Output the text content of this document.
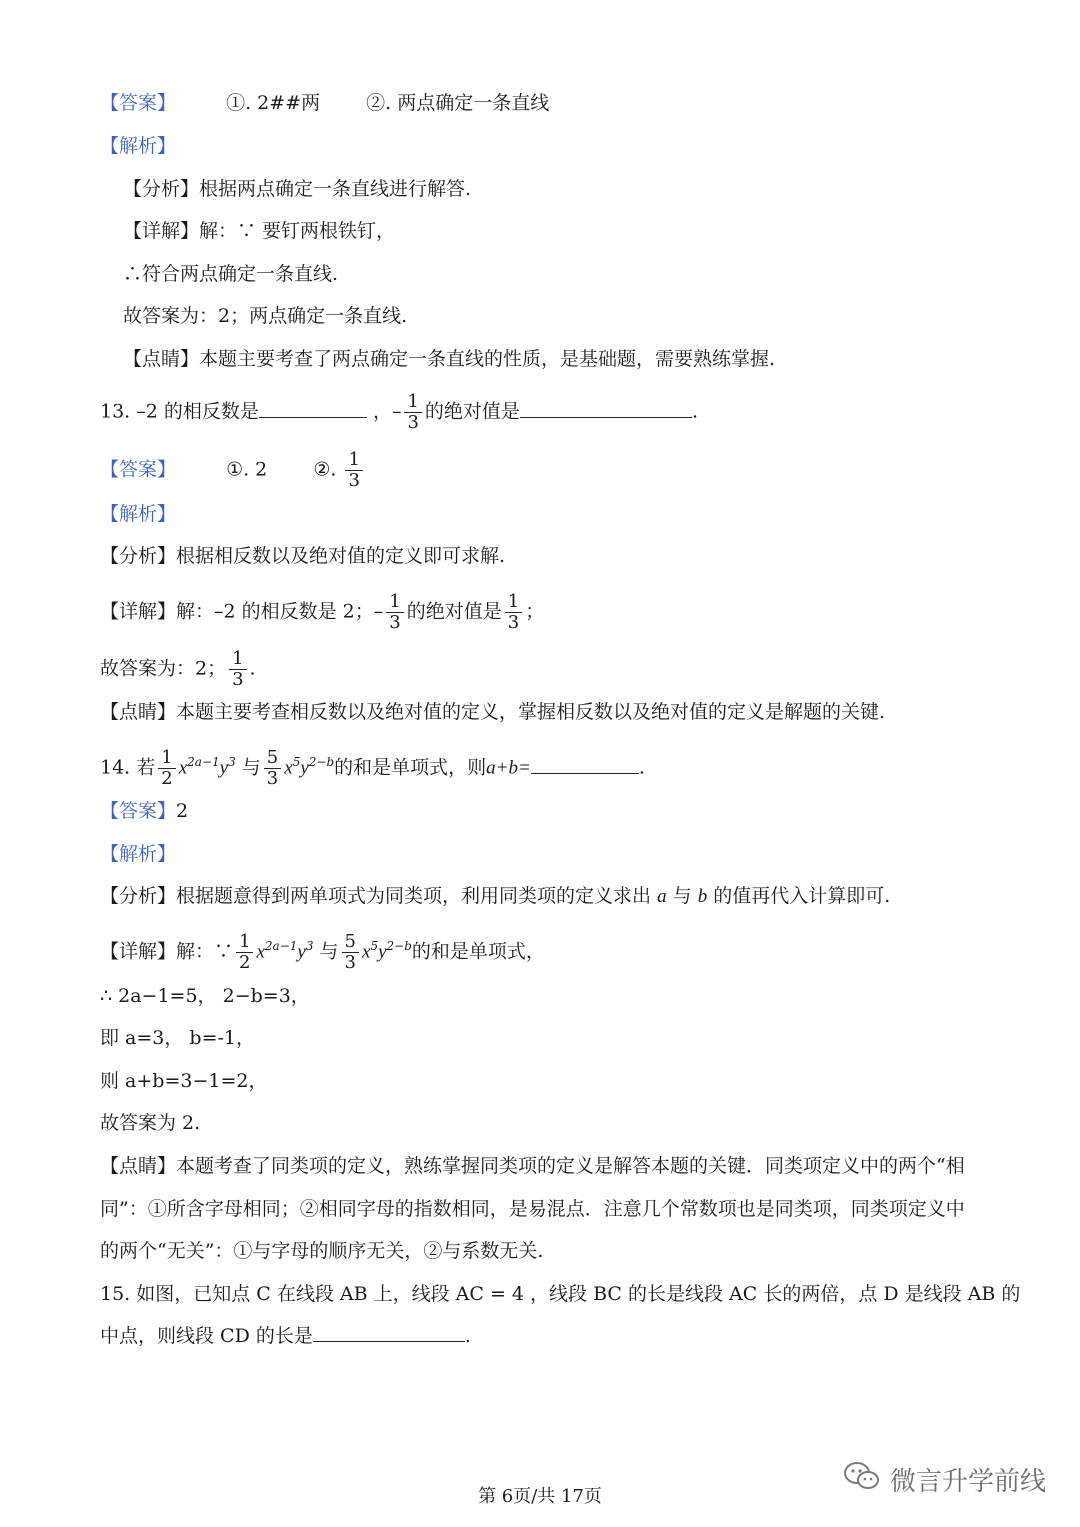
【答案】	①. 2##两 ②. 两点确定一条直线
【解析】
【分析】根据两点确定一条直线进行解答.
【详解】解：∵ 要钉两根铁钉，
∴符合两点确定一条直线.
故答案为：2；两点确定一条直线.
【点睛】本题主要考查了两点确定一条直线的性质，是基础题，需要熟练掌握.
13. –2 的相反数是	，– $\frac{1}{3}$ 的绝对值是	.
【答案】	①. 2 ②. $\frac{1}{3}$
【解析】
【分析】根据相反数以及绝对值的定义即可求解.
【详解】解：–2 的相反数是 2；– $\frac{1}{3}$ 的绝对值是 $\frac{1}{3}$ ；
故答案为：2； $\frac{1}{3}$ .
【点睛】本题主要考查相反数以及绝对值的定义，掌握相反数以及绝对值的定义是解题的关键.
14. 若 $\frac{1}{2} x^{2a-1}y^3$ 与 $\frac{5}{3} x^5y^{2-b}$的和是单项式，则a+b=	.
【答案】2
【解析】
【分析】根据题意得到两单项式为同类项，利用同类项的定义求出 a 与 b 的值再代入计算即可.
【详解】解：∵ $\frac{1}{2} x^{2a-1}y^3$ 与 $\frac{5}{3} x^5y^{2-b}$的和是单项式，
∴ 2a−1=5， 2−b=3，
即 a=3， b=-1，
则 a+b=3−1=2，
故答案为 2.
【点睛】本题考查了同类项的定义，熟练掌握同类项的定义是解答本题的关键．同类项定义中的两个“相
同”：①所含字母相同；②相同字母的指数相同，是易混点．注意几个常数项也是同类项，同类项定义中
的两个“无关”：①与字母的顺序无关，②与系数无关.
15. 如图，已知点 C 在线段 AB 上，线段 AC = 4 ，线段 BC 的长是线段 AC 长的两倍，点 D 是线段 AB 的
中点，则线段 CD 的长是	.
第 6页/共 17页	微言升学前线
